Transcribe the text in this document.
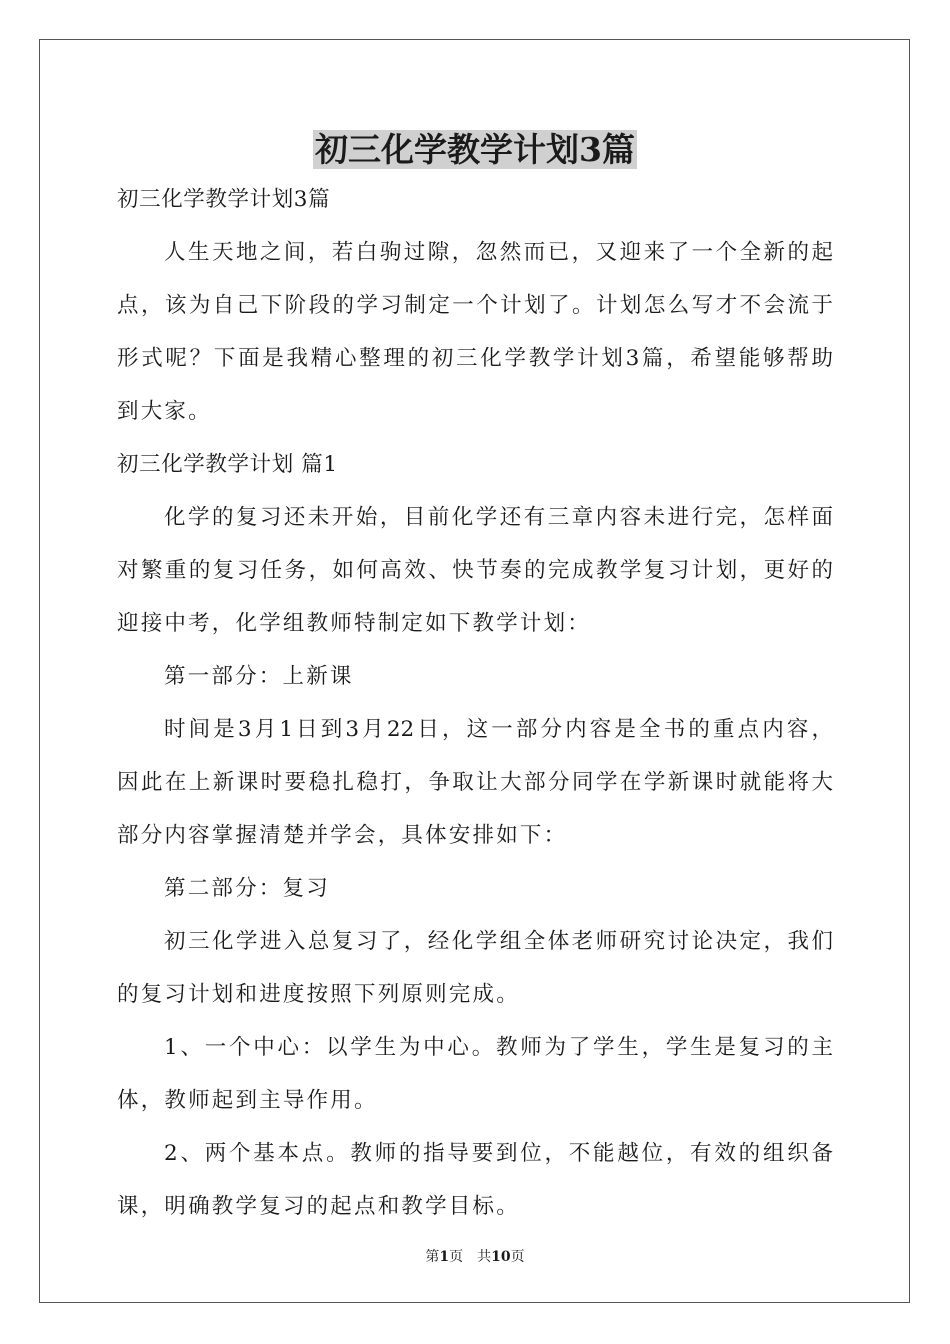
初三化学教学计划3篇

初三化学教学计划3篇

人生天地之间，若白驹过隙，忽然而已，又迎来了一个全新的起

点，该为自己下阶段的学习制定一个计划了。计划怎么写才不会流于

形式呢？下面是我精心整理的初三化学教学计划3篇，希望能够帮助

到大家。

初三化学教学计划 篇1

化学的复习还未开始，目前化学还有三章内容未进行完，怎样面

对繁重的复习任务，如何高效、快节奏的完成教学复习计划，更好的

迎接中考，化学组教师特制定如下教学计划：

第一部分：上新课

时间是3月1日到3月22日，这一部分内容是全书的重点内容，

因此在上新课时要稳扎稳打，争取让大部分同学在学新课时就能将大

部分内容掌握清楚并学会，具体安排如下：

第二部分：复习

初三化学进入总复习了，经化学组全体老师研究讨论决定，我们

的复习计划和进度按照下列原则完成。

1、一个中心：以学生为中心。教师为了学生，学生是复习的主

体，教师起到主导作用。

2、两个基本点。教师的指导要到位，不能越位，有效的组织备

课，明确教学复习的起点和教学目标。

第1页 共10页
